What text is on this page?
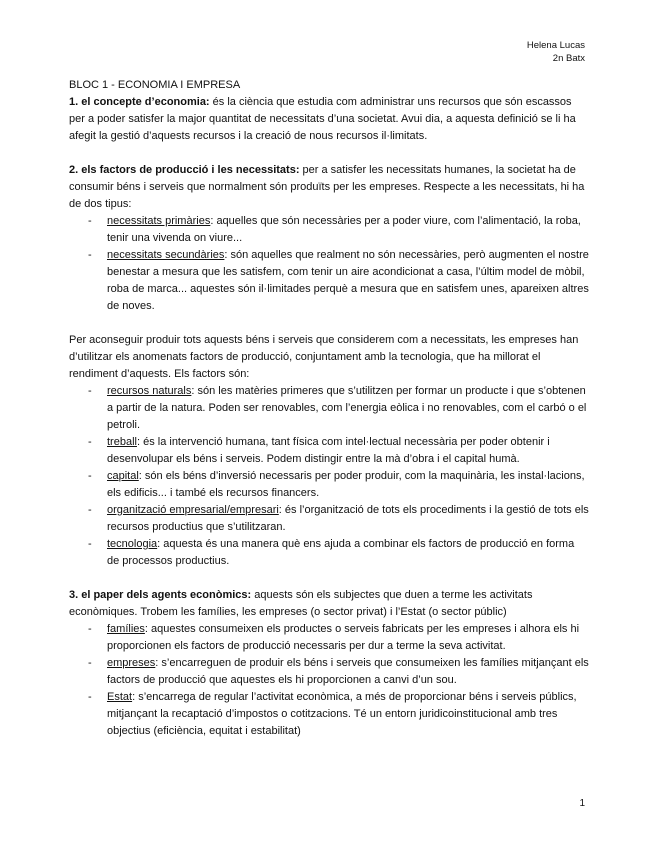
Helena Lucas
2n Batx

BLOC 1 - ECONOMIA I EMPRESA

1. el concepte d’economia: és la ciència que estudia com administrar uns recursos que són escassos per a poder satisfer la major quantitat de necessitats d’una societat. Avui dia, a aquesta definició se li ha afegit la gestió d’aquests recursos i la creació de nous recursos il·limitats.

2. els factors de producció i les necessitats: per a satisfer les necessitats humanes, la societat ha de consumir béns i serveis que normalment són produïts per les empreses. Respecte a les necessitats, hi ha de dos tipus:

- necessitats primàries: aquelles que són necessàries per a poder viure, com l’alimentació, la roba, tenir una vivenda on viure...
- necessitats secundàries: són aquelles que realment no són necessàries, però augmenten el nostre benestar a mesura que les satisfem, com tenir un aire acondicionat a casa, l’últim model de mòbil, roba de marca... aquestes són il·limitades perquè a mesura que en satisfem unes, apareixen altres de noves.

Per aconseguir produir tots aquests béns i serveis que considerem com a necessitats, les empreses han d’utilitzar els anomenats factors de producció, conjuntament amb la tecnologia, que ha millorat el rendiment d’aquests. Els factors són:

- recursos naturals: són les matèries primeres que s’utilitzen per formar un producte i que s’obtenen a partir de la natura. Poden ser renovables, com l’energia eòlica i no renovables, com el carbó o el petroli.
- treball: és la intervenció humana, tant física com intel·lectual necessària per poder obtenir i desenvolupar els béns i serveis. Podem distingir entre la mà d’obra i el capital humà.
- capital: són els béns d’inversió necessaris per poder produir, com la maquinària, les instal·lacions, els edificis... i també els recursos financers.
- organització empresarial/empresari: és l’organització de tots els procediments i la gestió de tots els recursos productius que s’utilitzaran.
- tecnologia: aquesta és una manera què ens ajuda a combinar els factors de producció en forma de processos productius.

3. el paper dels agents econòmics: aquests són els subjectes que duen a terme les activitats econòmiques. Trobem les famílies, les empreses (o sector privat) i l’Estat (o sector públic)

- famílies: aquestes consumeixen els productes o serveis fabricats per les empreses i alhora els hi proporcionen els factors de producció necessaris per dur a terme la seva activitat.
- empreses: s’encarreguen de produir els béns i serveis que consumeixen les famílies mitjançant els factors de producció que aquestes els hi proporcionen a canvi d’un sou.
- Estat: s’encarrega de regular l’activitat econòmica, a més de proporcionar béns i serveis públics, mitjançant la recaptació d’impostos o cotitzacions. Té un entorn juridicoinstitucional amb tres objectius (eficiència, equitat i estabilitat)
1
